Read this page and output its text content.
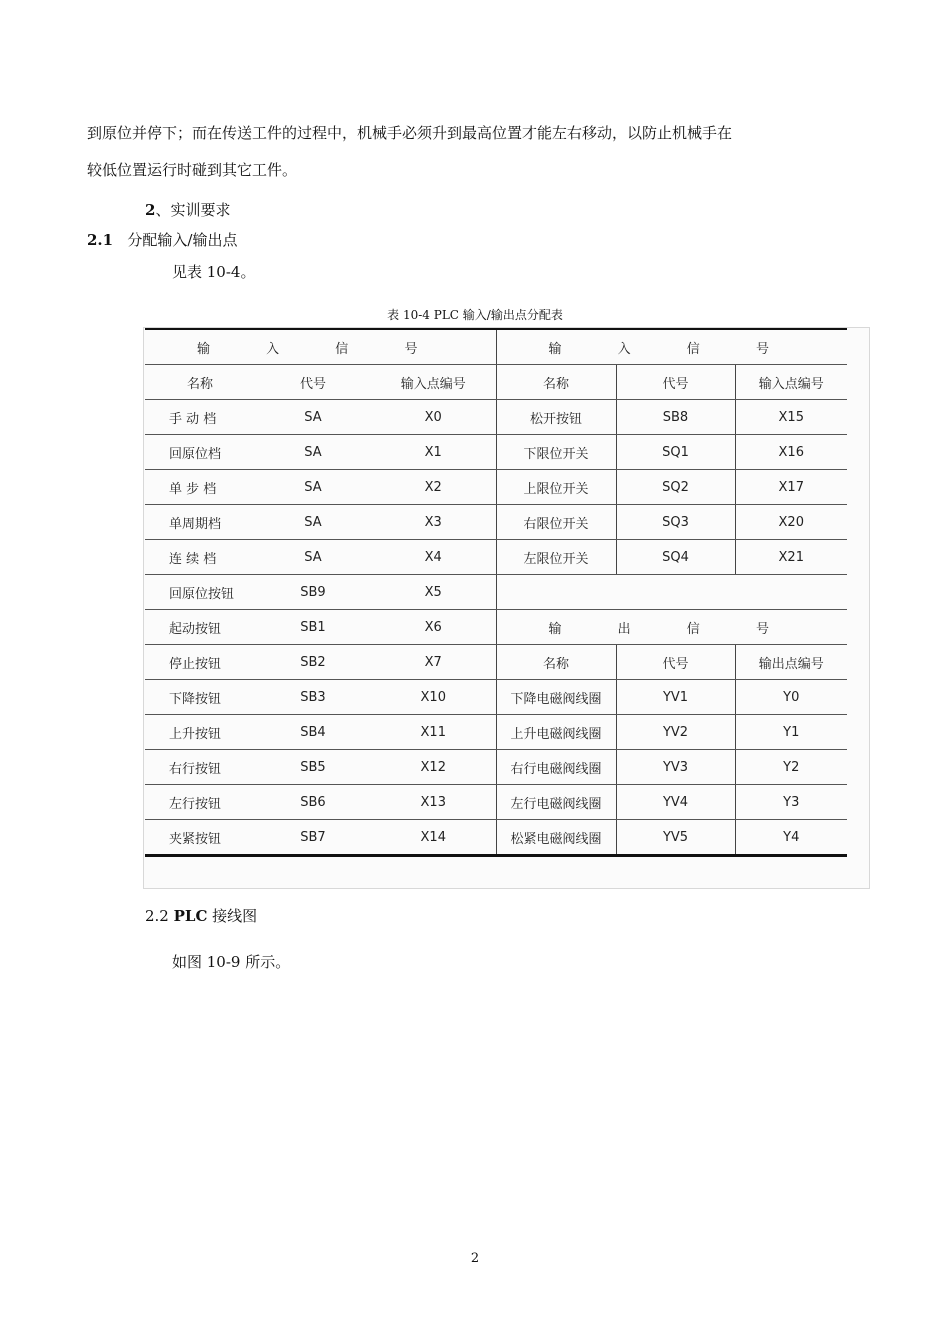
到原位并停下；而在传送工件的过程中，机械手必须升到最高位置才能左右移动，以防止机械手在
较低位置运行时碰到其它工件。
2、实训要求
2.1 分配输入/输出点
见表 10-4。
表 10-4 PLC 输入/输出点分配表
输 入 信 号			输 入 信 号		
名称	代号	输入点编号	名称	代号	输入点编号
手 动 档	SA	X0	松开按钮	SB8	X15
回原位档	SA	X1	下限位开关	SQ1	X16
单 步 档	SA	X2	上限位开关	SQ2	X17
单周期档	SA	X3	右限位开关	SQ3	X20
连 续 档	SA	X4	左限位开关	SQ4	X21
回原位按钮	SB9	X5			
起动按钮	SB1	X6	输 出 信 号		
停止按钮	SB2	X7	名称	代号	输出点编号
下降按钮	SB3	X10	下降电磁阀线圈	YV1	Y0
上升按钮	SB4	X11	上升电磁阀线圈	YV2	Y1
右行按钮	SB5	X12	右行电磁阀线圈	YV3	Y2
左行按钮	SB6	X13	左行电磁阀线圈	YV4	Y3
夹紧按钮	SB7	X14	松紧电磁阀线圈	YV5	Y4
2.2 PLC 接线图
如图 10-9 所示。
2
